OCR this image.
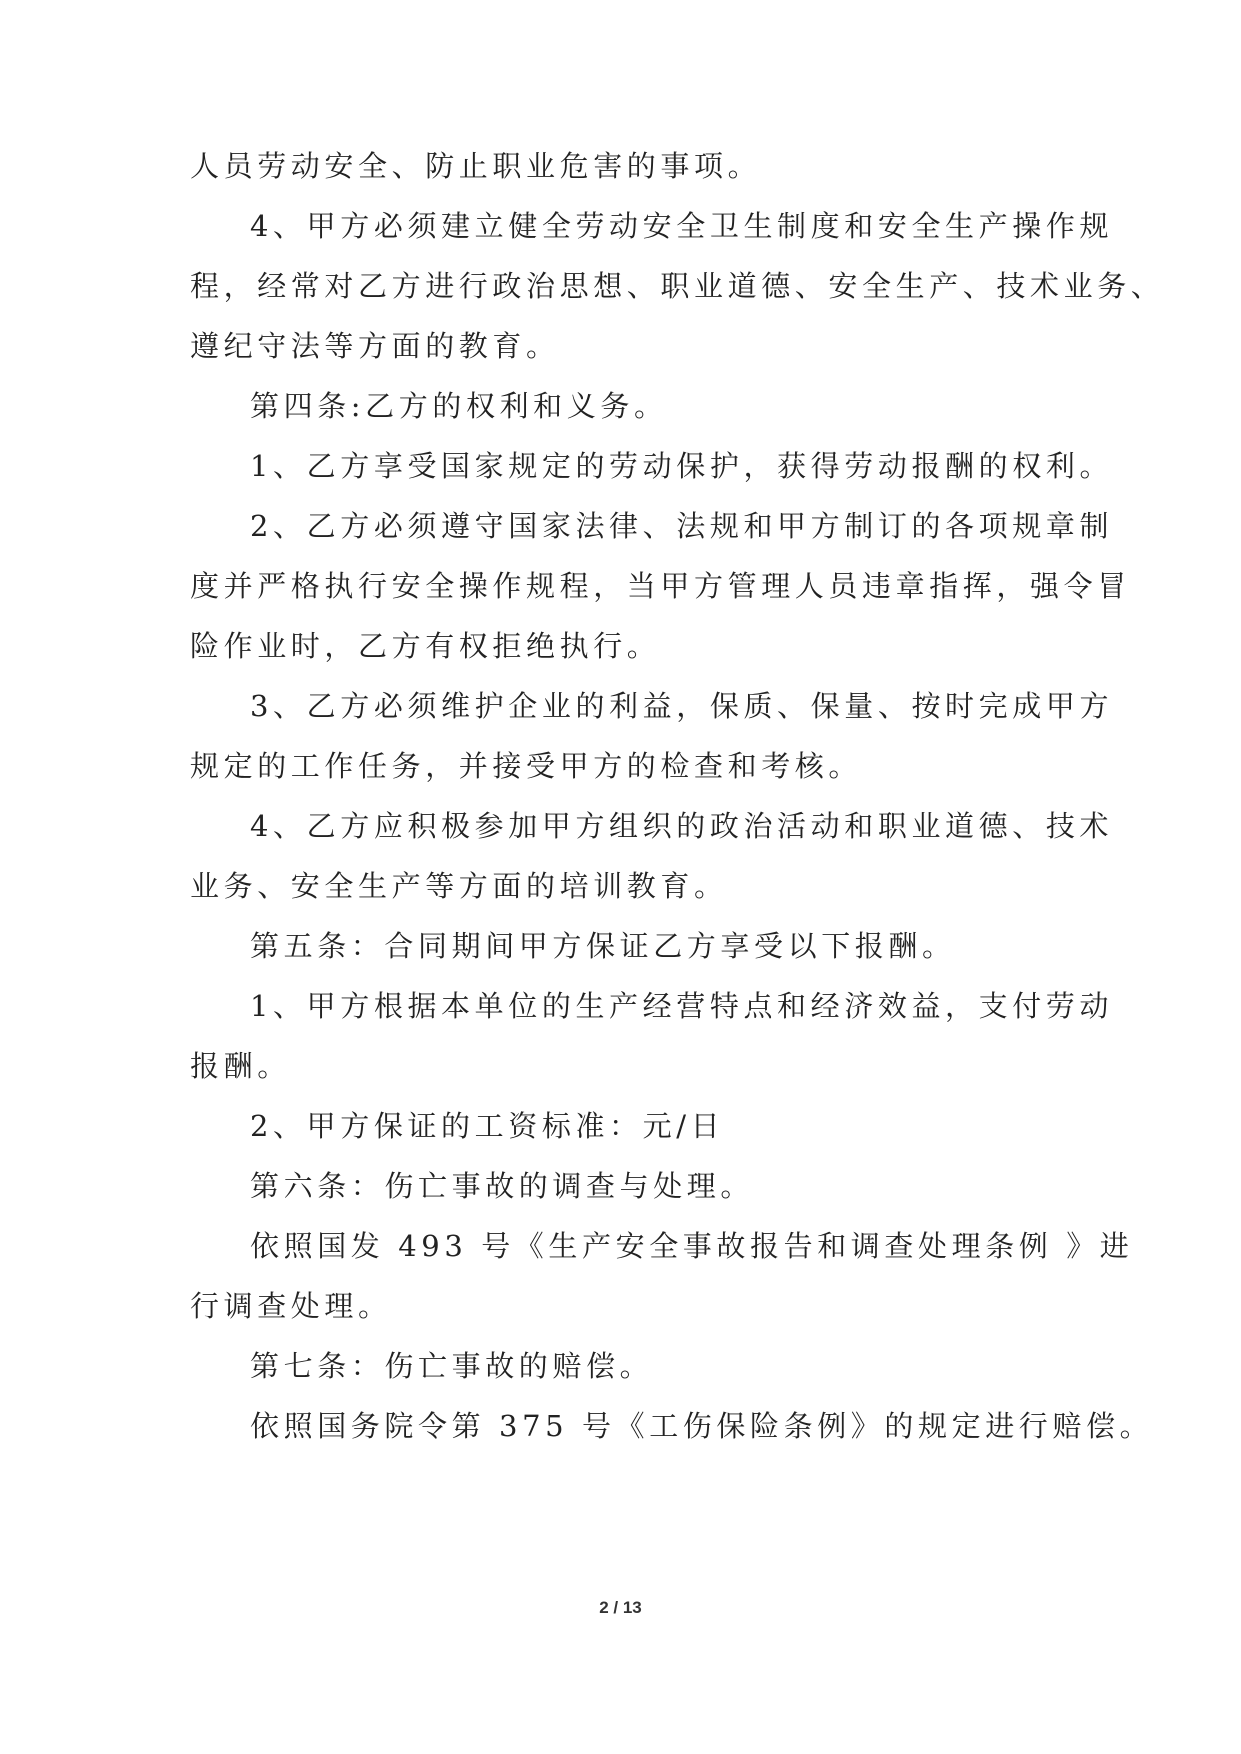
人员劳动安全、防止职业危害的事项。
4、甲方必须建立健全劳动安全卫生制度和安全生产操作规
程，经常对乙方进行政治思想、职业道德、安全生产、技术业务、
遵纪守法等方面的教育。
第四条:乙方的权利和义务。
1、乙方享受国家规定的劳动保护，获得劳动报酬的权利。
2、乙方必须遵守国家法律、法规和甲方制订的各项规章制
度并严格执行安全操作规程，当甲方管理人员违章指挥，强令冒
险作业时，乙方有权拒绝执行。
3、乙方必须维护企业的利益，保质、保量、按时完成甲方
规定的工作任务，并接受甲方的检查和考核。
4、乙方应积极参加甲方组织的政治活动和职业道德、技术
业务、安全生产等方面的培训教育。
第五条：合同期间甲方保证乙方享受以下报酬。
1、甲方根据本单位的生产经营特点和经济效益，支付劳动
报酬。
2、甲方保证的工资标准：元/日
第六条：伤亡事故的调查与处理。
依照国发 493 号《生产安全事故报告和调查处理条例 》进
行调查处理。
第七条：伤亡事故的赔偿。
依照国务院令第 375 号《工伤保险条例》的规定进行赔偿。
2 / 13
